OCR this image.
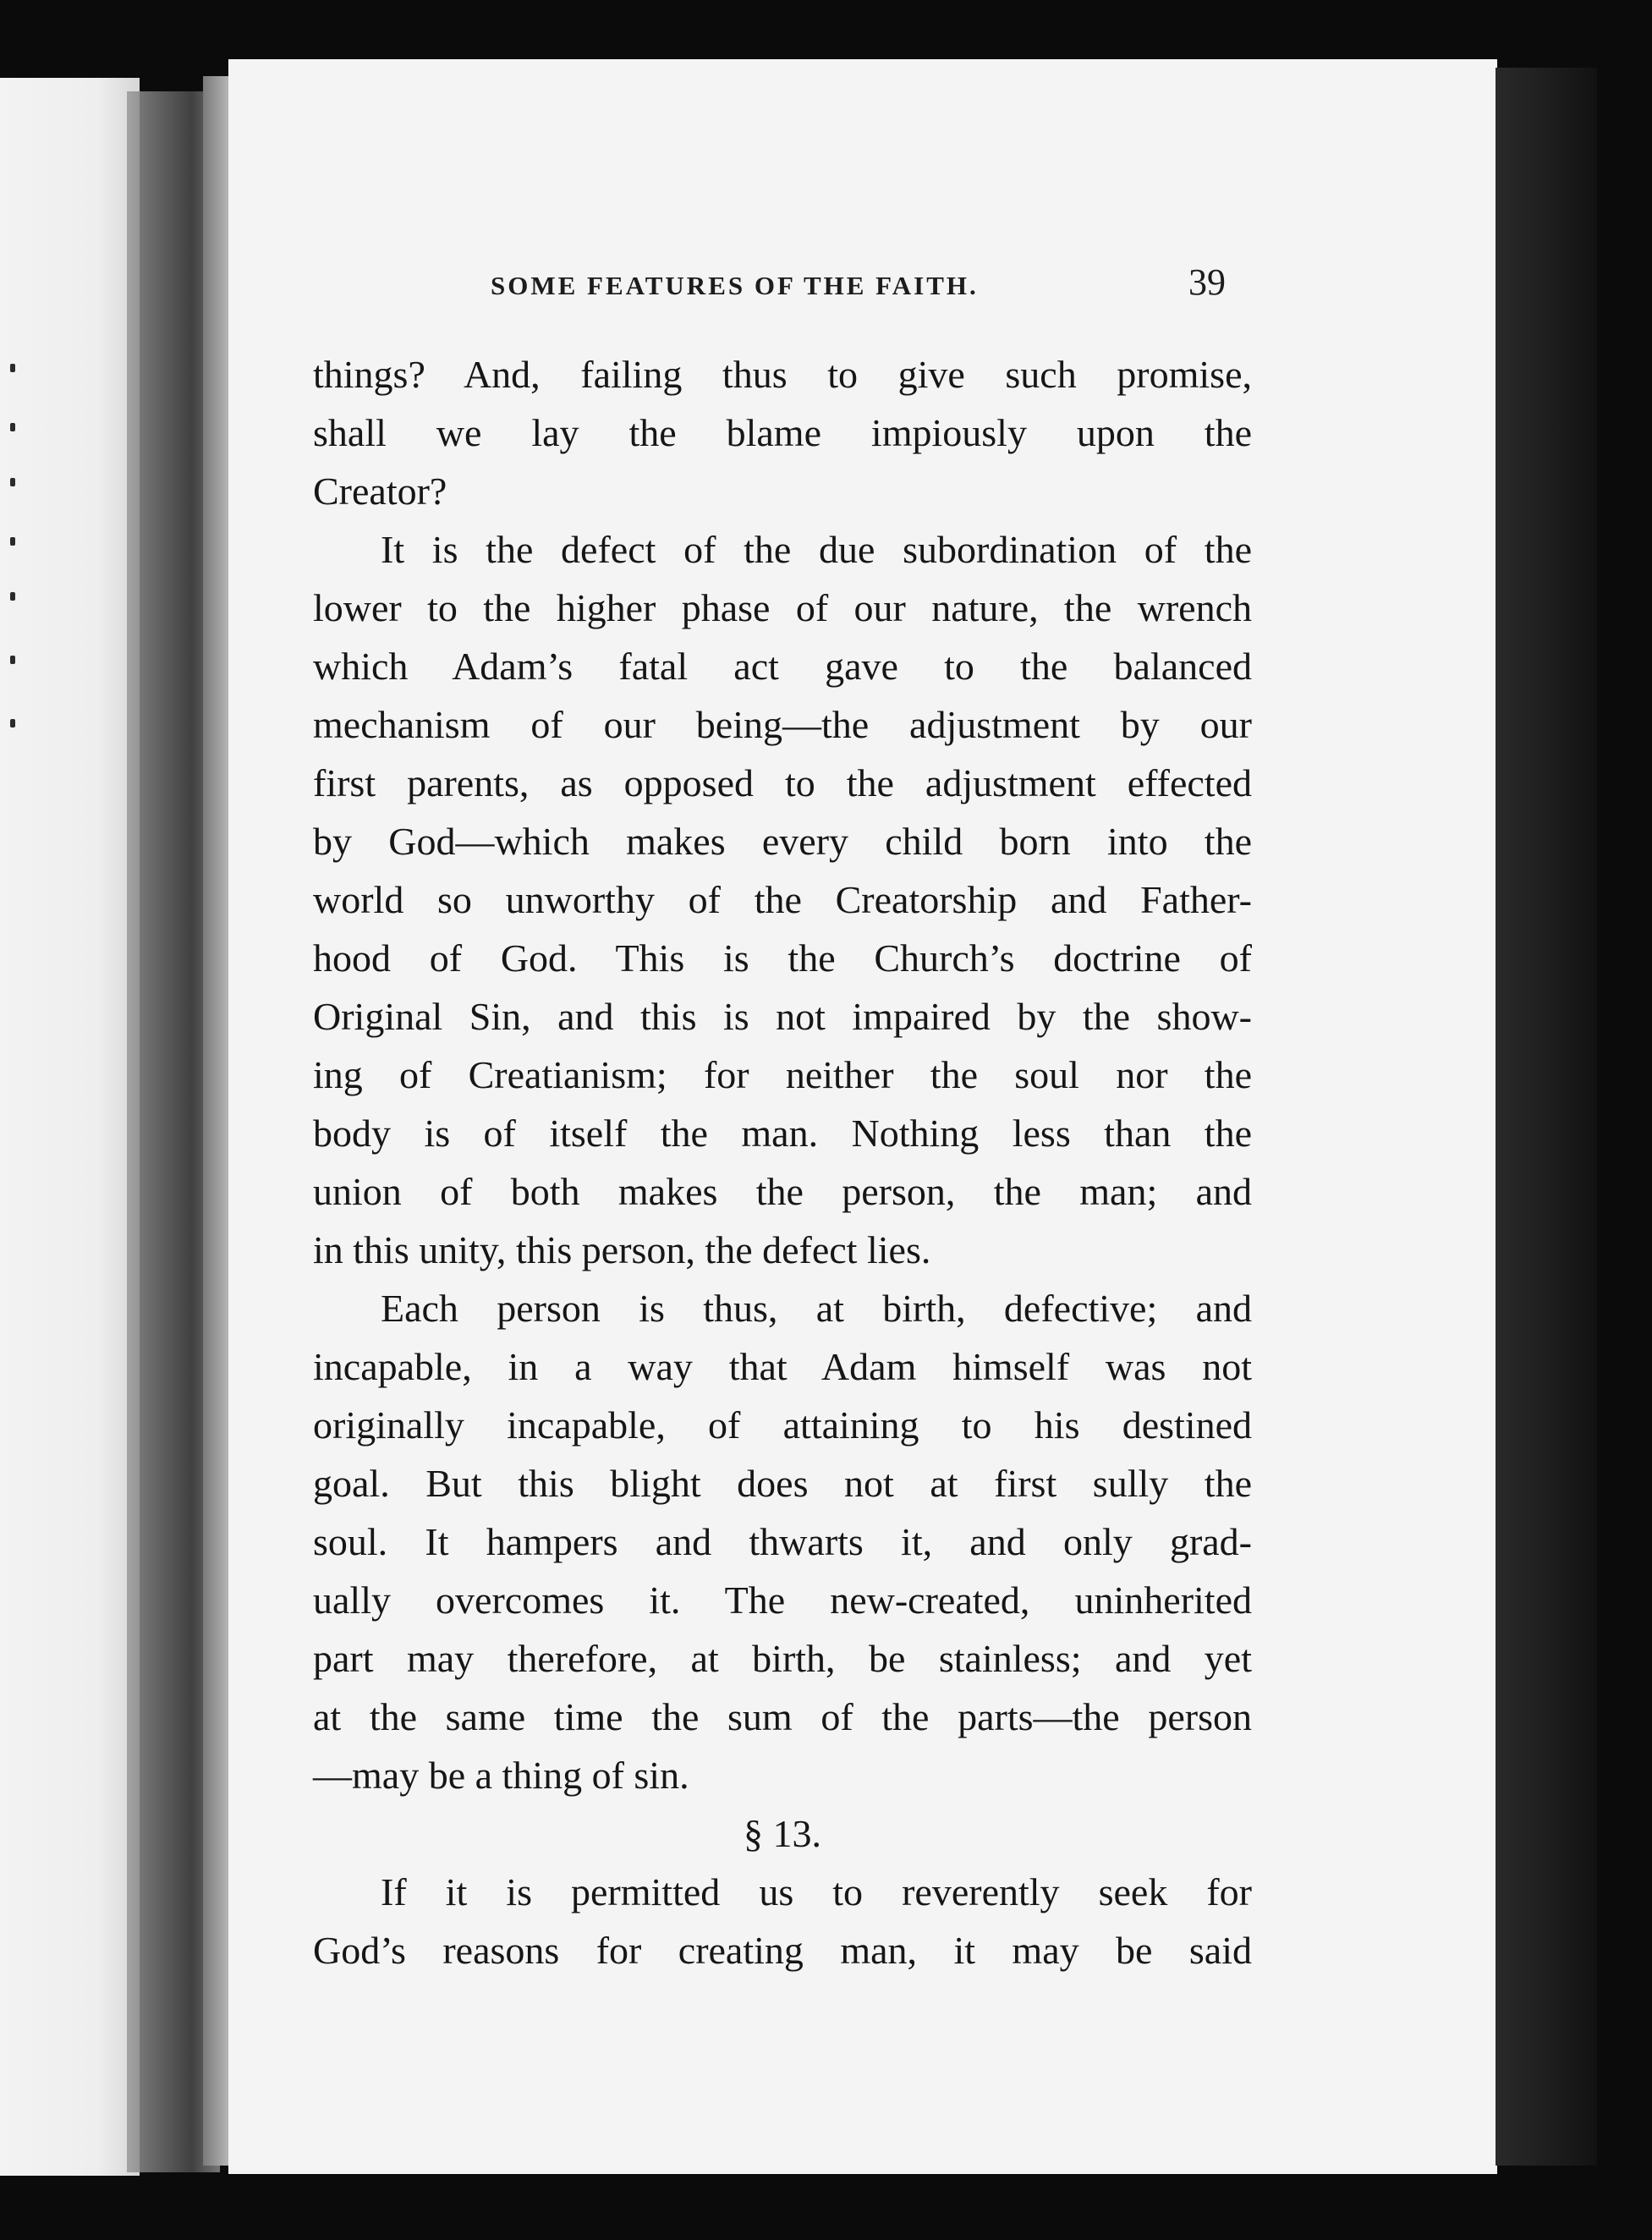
SOME FEATURES OF THE FAITH.	39
things? And, failing thus to give such promise,
shall we lay the blame impiously upon the
Creator?
It is the defect of the due subordination of the
lower to the higher phase of our nature, the wrench
which Adam’s fatal act gave to the balanced
mechanism of our being—the adjustment by our
first parents, as opposed to the adjustment effected
by God—which makes every child born into the
world so unworthy of the Creatorship and Father-
hood of God. This is the Church’s doctrine of
Original Sin, and this is not impaired by the show-
ing of Creatianism; for neither the soul nor the
body is of itself the man. Nothing less than the
union of both makes the person, the man; and
in this unity, this person, the defect lies.
Each person is thus, at birth, defective; and
incapable, in a way that Adam himself was not
originally incapable, of attaining to his destined
goal. But this blight does not at first sully the
soul. It hampers and thwarts it, and only grad-
ually overcomes it. The new-created, uninherited
part may therefore, at birth, be stainless; and yet
at the same time the sum of the parts—the person
—may be a thing of sin.
§ 13.
If it is permitted us to reverently seek for
God’s reasons for creating man, it may be said
